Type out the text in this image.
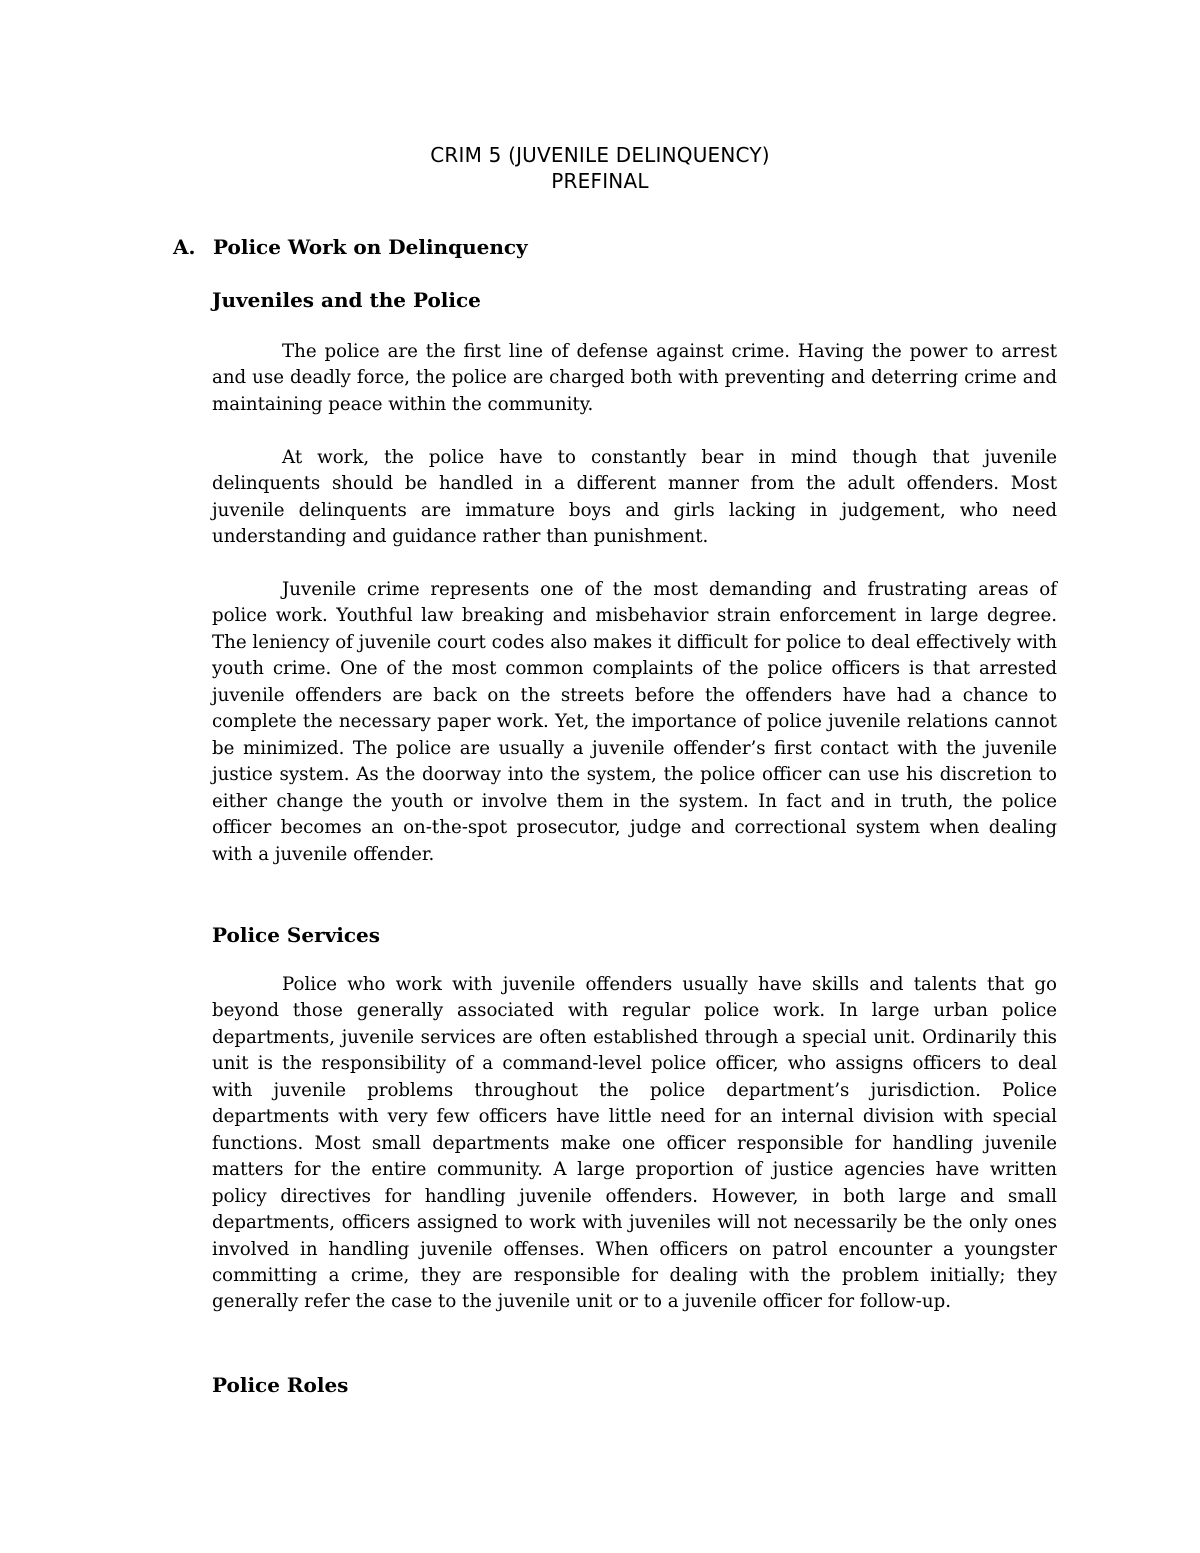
CRIM 5 (JUVENILE DELINQUENCY)
PREFINAL
A. Police Work on Delinquency
Juveniles and the Police

The police are the first line of defense against crime. Having the power to arrest and use deadly force, the police are charged both with preventing and deterring crime and maintaining peace within the community.

At work, the police have to constantly bear in mind though that juvenile delinquents should be handled in a different manner from the adult offenders. Most juvenile delinquents are immature boys and girls lacking in judgement, who need understanding and guidance rather than punishment.

Juvenile crime represents one of the most demanding and frustrating areas of police work. Youthful law breaking and misbehavior strain enforcement in large degree. The leniency of juvenile court codes also makes it difficult for police to deal effectively with youth crime. One of the most common complaints of the police officers is that arrested juvenile offenders are back on the streets before the offenders have had a chance to complete the necessary paper work. Yet, the importance of police juvenile relations cannot be minimized. The police are usually a juvenile offender’s first contact with the juvenile justice system. As the doorway into the system, the police officer can use his discretion to either change the youth or involve them in the system. In fact and in truth, the police officer becomes an on-the-spot prosecutor, judge and correctional system when dealing with a juvenile offender.

Police Services

Police who work with juvenile offenders usually have skills and talents that go beyond those generally associated with regular police work. In large urban police departments, juvenile services are often established through a special unit. Ordinarily this unit is the responsibility of a command-level police officer, who assigns officers to deal with juvenile problems throughout the police department’s jurisdiction. Police departments with very few officers have little need for an internal division with special functions. Most small departments make one officer responsible for handling juvenile matters for the entire community. A large proportion of justice agencies have written policy directives for handling juvenile offenders. However, in both large and small departments, officers assigned to work with juveniles will not necessarily be the only ones involved in handling juvenile offenses. When officers on patrol encounter a youngster committing a crime, they are responsible for dealing with the problem initially; they generally refer the case to the juvenile unit or to a juvenile officer for follow-up.

Police Roles
